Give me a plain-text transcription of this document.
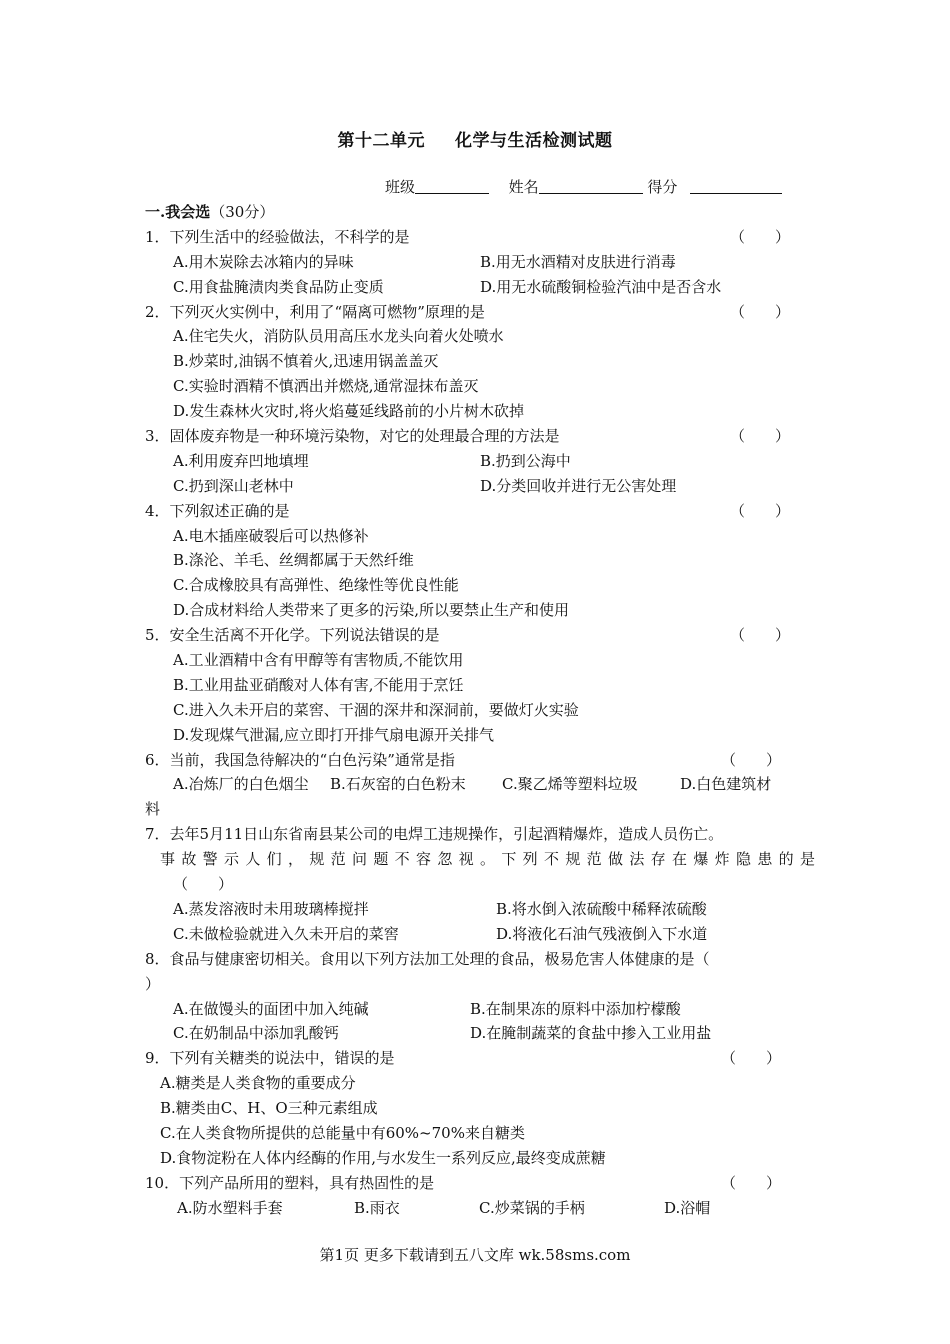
第十二单元 化学与生活检测试题
班级	姓名	得分
一.我会选（30分）
1．下列生活中的经验做法，不科学的是	（　　）
A.用木炭除去冰箱内的异味	B.用无水酒精对皮肤进行消毒
C.用食盐腌渍肉类食品防止变质	D.用无水硫酸铜检验汽油中是否含水
2．下列灭火实例中，利用了“隔离可燃物”原理的是	（　　）
A.住宅失火，消防队员用高压水龙头向着火处喷水
B.炒菜时,油锅不慎着火,迅速用锅盖盖灭
C.实验时酒精不慎洒出并燃烧,通常湿抹布盖灭
D.发生森林火灾时,将火焰蔓延线路前的小片树木砍掉
3．固体废弃物是一种环境污染物，对它的处理最合理的方法是	（　　）
A.利用废弃凹地填埋	B.扔到公海中
C.扔到深山老林中	D.分类回收并进行无公害处理
4．下列叙述正确的是	（　　）
A.电木插座破裂后可以热修补
B.涤沦、羊毛、丝绸都属于天然纤维
C.合成橡胶具有高弹性、绝缘性等优良性能
D.合成材料给人类带来了更多的污染,所以要禁止生产和使用
5．安全生活离不开化学。下列说法错误的是	（　　）
A.工业酒精中含有甲醇等有害物质,不能饮用
B.工业用盐亚硝酸对人体有害,不能用于烹饪
C.进入久未开启的菜窖、干涸的深井和深洞前，要做灯火实验
D.发现煤气泄漏,应立即打开排气扇电源开关排气
6．当前，我国急待解决的“白色污染”通常是指	（　　）
A.冶炼厂的白色烟尘 B.石灰窑的白色粉末 C.聚乙烯等塑料垃圾	D.白色建筑材
料
7．去年5月11日山东省南县某公司的电焊工违规操作，引起酒精爆炸，造成人员伤亡。
事故警示人们，规范问题不容忽视。下列不规范做法存在爆炸隐患的是
（　　）
A.蒸发溶液时未用玻璃棒搅拌	B.将水倒入浓硫酸中稀释浓硫酸
C.未做检验就进入久未开启的菜窖	D.将液化石油气残液倒入下水道
8．食品与健康密切相关。食用以下列方法加工处理的食品，极易危害人体健康的是（
）
A.在做馒头的面团中加入纯碱	B.在制果冻的原料中添加柠檬酸
C.在奶制品中添加乳酸钙	D.在腌制蔬菜的食盐中掺入工业用盐
9．下列有关糖类的说法中，错误的是	（　　）
A.糖类是人类食物的重要成分
B.糖类由C、H、O三种元素组成
C.在人类食物所提供的总能量中有60%~70%来自糖类
D.食物淀粉在人体内经酶的作用,与水发生一系列反应,最终变成蔗糖
10．下列产品所用的塑料，具有热固性的是	（　　）
A.防水塑料手套	B.雨衣	C.炒菜锅的手柄	D.浴帽
第1页 更多下载请到五八文库 wk.58sms.com
